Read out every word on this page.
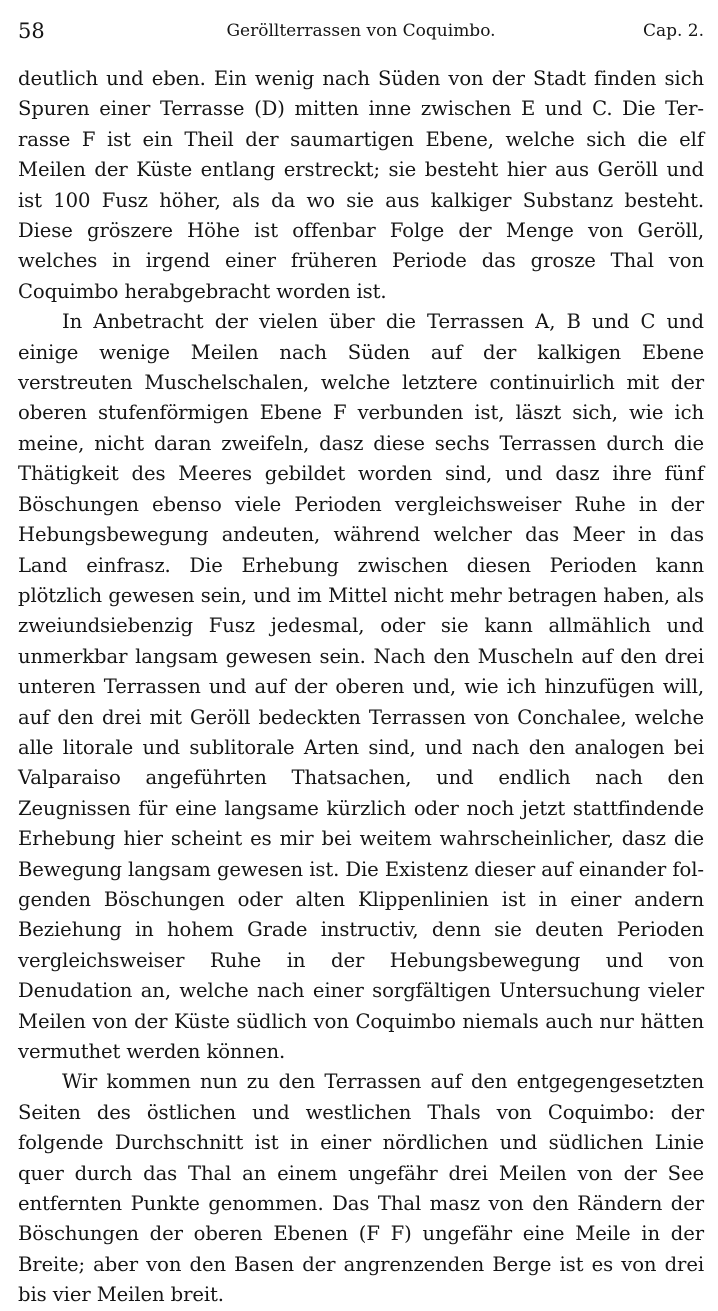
58	Geröllterrassen von Coquimbo.	Cap. 2.

deutlich und eben. Ein wenig nach Süden von der Stadt finden sich Spuren einer Terrasse (D) mitten inne zwischen E und C. Die Terrasse F ist ein Theil der saumartigen Ebene, welche sich die elf Meilen der Küste entlang erstreckt; sie besteht hier aus Geröll und ist 100 Fusz höher, als da wo sie aus kalkiger Substanz besteht. Diese gröszere Höhe ist offenbar Folge der Menge von Geröll, welches in irgend einer früheren Periode das grosze Thal von Coquimbo herabgebracht worden ist.

In Anbetracht der vielen über die Terrassen A, B und C und einige wenige Meilen nach Süden auf der kalkigen Ebene verstreuten Muschelschalen, welche letztere continuirlich mit der oberen stufenförmigen Ebene F verbunden ist, läszt sich, wie ich meine, nicht daran zweifeln, dasz diese sechs Terrassen durch die Thätigkeit des Meeres gebildet worden sind, und dasz ihre fünf Böschungen ebenso viele Perioden vergleichsweiser Ruhe in der Hebungsbewegung andeuten, während welcher das Meer in das Land einfrasz. Die Erhebung zwischen diesen Perioden kann plötzlich gewesen sein, und im Mittel nicht mehr betragen haben, als zweiundsiebenzig Fusz jedesmal, oder sie kann allmählich und unmerkbar langsam gewesen sein. Nach den Muscheln auf den drei unteren Terrassen und auf der oberen und, wie ich hinzufügen will, auf den drei mit Geröll bedeckten Terrassen von Conchalee, welche alle litorale und sublitorale Arten sind, und nach den analogen bei Valparaiso angeführten Thatsachen, und endlich nach den Zeugnissen für eine langsame kürzlich oder noch jetzt stattfindende Erhebung hier scheint es mir bei weitem wahrscheinlicher, dasz die Bewegung langsam gewesen ist. Die Existenz dieser auf einander folgenden Böschungen oder alten Klippenlinien ist in einer andern Beziehung in hohem Grade instructiv, denn sie deuten Perioden vergleichsweiser Ruhe in der Hebungsbewegung und von Denudation an, welche nach einer sorgfältigen Untersuchung vieler Meilen von der Küste südlich von Coquimbo niemals auch nur hätten vermuthet werden können.

Wir kommen nun zu den Terrassen auf den entgegengesetzten Seiten des östlichen und westlichen Thals von Coquimbo: der folgende Durchschnitt ist in einer nördlichen und südlichen Linie quer durch das Thal an einem ungefähr drei Meilen von der See entfernten Punkte genommen. Das Thal masz von den Rändern der Böschungen der oberen Ebenen (F F) ungefähr eine Meile in der Breite; aber von den Basen der angrenzenden Berge ist es von drei bis vier Meilen breit.
